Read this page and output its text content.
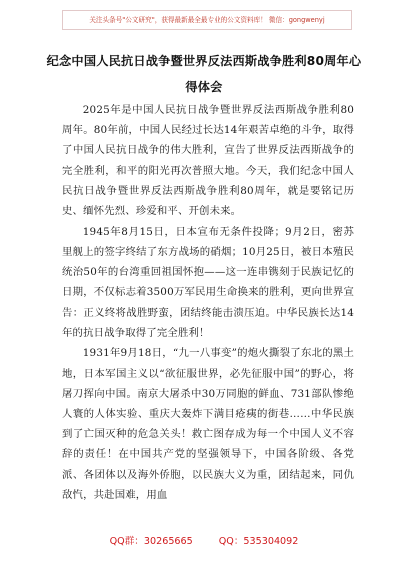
关注头条号"公文研究"，获得最新最全最专业的公文资料库！ 微信：gongwenyj
纪念中国人民抗日战争暨世界反法西斯战争胜利80周年心
得体会

2025年是中国人民抗日战争暨世界反法西斯战争胜利80周年。80年前，中国人民经过长达14年艰苦卓绝的斗争，取得了中国人民抗日战争的伟大胜利，宣告了世界反法西斯战争的完全胜利，和平的阳光再次普照大地。今天，我们纪念中国人民抗日战争暨世界反法西斯战争胜利80周年，就是要铭记历史、缅怀先烈、珍爱和平、开创未来。

1945年8月15日，日本宣布无条件投降；9月2日，密苏里舰上的签字终结了东方战场的硝烟；10月25日，被日本殖民统治50年的台湾重回祖国怀抱——这一连串镌刻于民族记忆的日期，不仅标志着3500万军民用生命换来的胜利，更向世界宣告：正义终将战胜野蛮，团结终能击溃压迫。中华民族长达14年的抗日战争取得了完全胜利！

1931年9月18日，“九一八事变”的炮火撕裂了东北的黑土地，日本军国主义以“欲征服世界，必先征服中国”的野心，将屠刀挥向中国。南京大屠杀中30万同胞的鲜血、731部队惨绝人寰的人体实验、重庆大轰炸下满目疮痍的街巷……中华民族到了亡国灭种的危急关头！救亡图存成为每一个中国人义不容辞的责任！在中国共产党的坚强领导下，中国各阶级、各党派、各团体以及海外侨胞，以民族大义为重，团结起来，同仇敌忾，共赴国难，用血

QQ群：30265665	QQ：535304092
